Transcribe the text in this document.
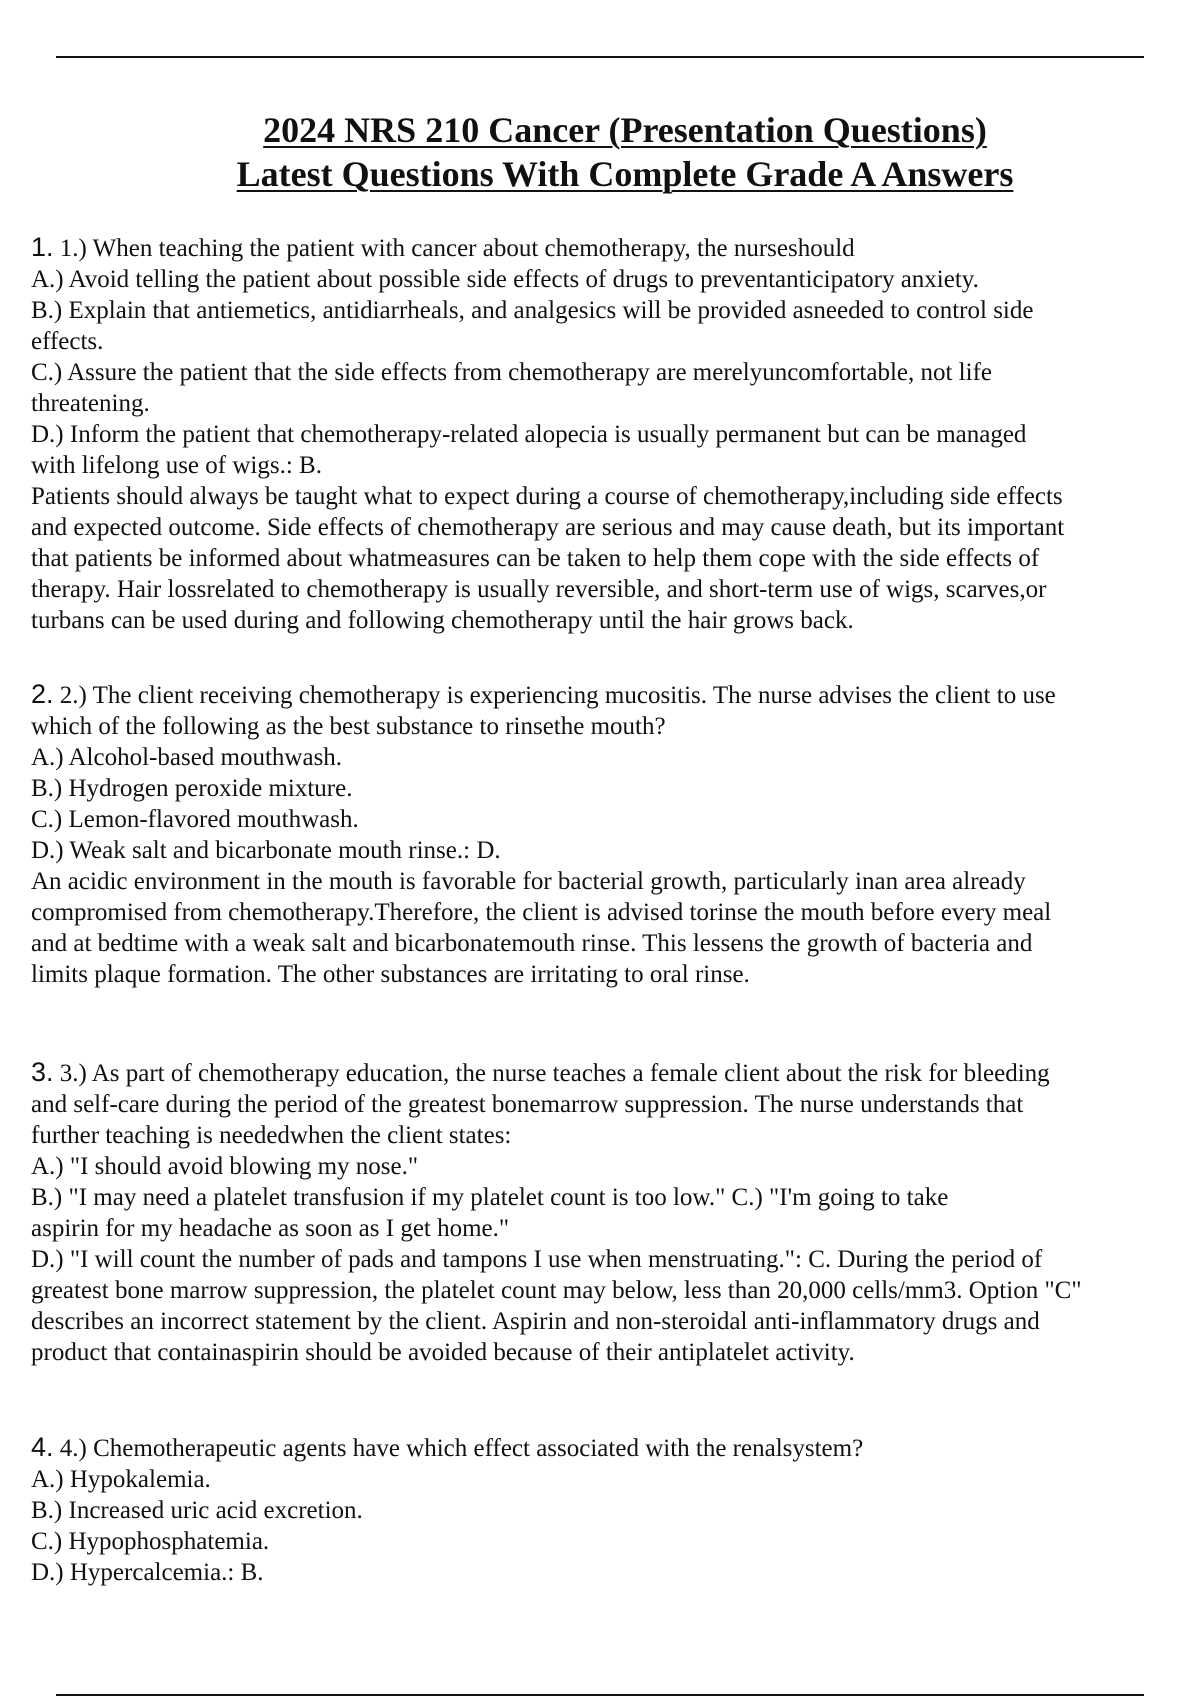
2024 NRS 210 Cancer (Presentation Questions)
Latest Questions With Complete Grade A Answers
1. 1.) When teaching the patient with cancer about chemotherapy, the nurseshould
A.) Avoid telling the patient about possible side effects of drugs to preventanticipatory anxiety.
B.) Explain that antiemetics, antidiarrheals, and analgesics will be provided asneeded to control side
effects.
C.) Assure the patient that the side effects from chemotherapy are merelyuncomfortable, not life
threatening.
D.) Inform the patient that chemotherapy-related alopecia is usually permanent but can be managed
with lifelong use of wigs.: B.
Patients should always be taught what to expect during a course of chemotherapy,including side effects
and expected outcome. Side effects of chemotherapy are serious and may cause death, but its important
that patients be informed about whatmeasures can be taken to help them cope with the side effects of
therapy. Hair lossrelated to chemotherapy is usually reversible, and short-term use of wigs, scarves,or
turbans can be used during and following chemotherapy until the hair grows back.
2. 2.) The client receiving chemotherapy is experiencing mucositis. The nurse advises the client to use
which of the following as the best substance to rinsethe mouth?
A.) Alcohol-based mouthwash.
B.) Hydrogen peroxide mixture.
C.) Lemon-flavored mouthwash.
D.) Weak salt and bicarbonate mouth rinse.: D.
An acidic environment in the mouth is favorable for bacterial growth, particularly inan area already
compromised from chemotherapy.Therefore, the client is advised torinse the mouth before every meal
and at bedtime with a weak salt and bicarbonatemouth rinse. This lessens the growth of bacteria and
limits plaque formation. The other substances are irritating to oral rinse.
3. 3.) As part of chemotherapy education, the nurse teaches a female client about the risk for bleeding
and self-care during the period of the greatest bonemarrow suppression. The nurse understands that
further teaching is neededwhen the client states:
A.) "I should avoid blowing my nose."
B.) "I may need a platelet transfusion if my platelet count is too low." C.) "I'm going to take
aspirin for my headache as soon as I get home."
D.) "I will count the number of pads and tampons I use when menstruating.": C. During the period of
greatest bone marrow suppression, the platelet count may below, less than 20,000 cells/mm3. Option "C"
describes an incorrect statement by the client. Aspirin and non-steroidal anti-inflammatory drugs and
product that containaspirin should be avoided because of their antiplatelet activity.
4. 4.) Chemotherapeutic agents have which effect associated with the renalsystem?
A.) Hypokalemia.
B.) Increased uric acid excretion.
C.) Hypophosphatemia.
D.) Hypercalcemia.: B.
